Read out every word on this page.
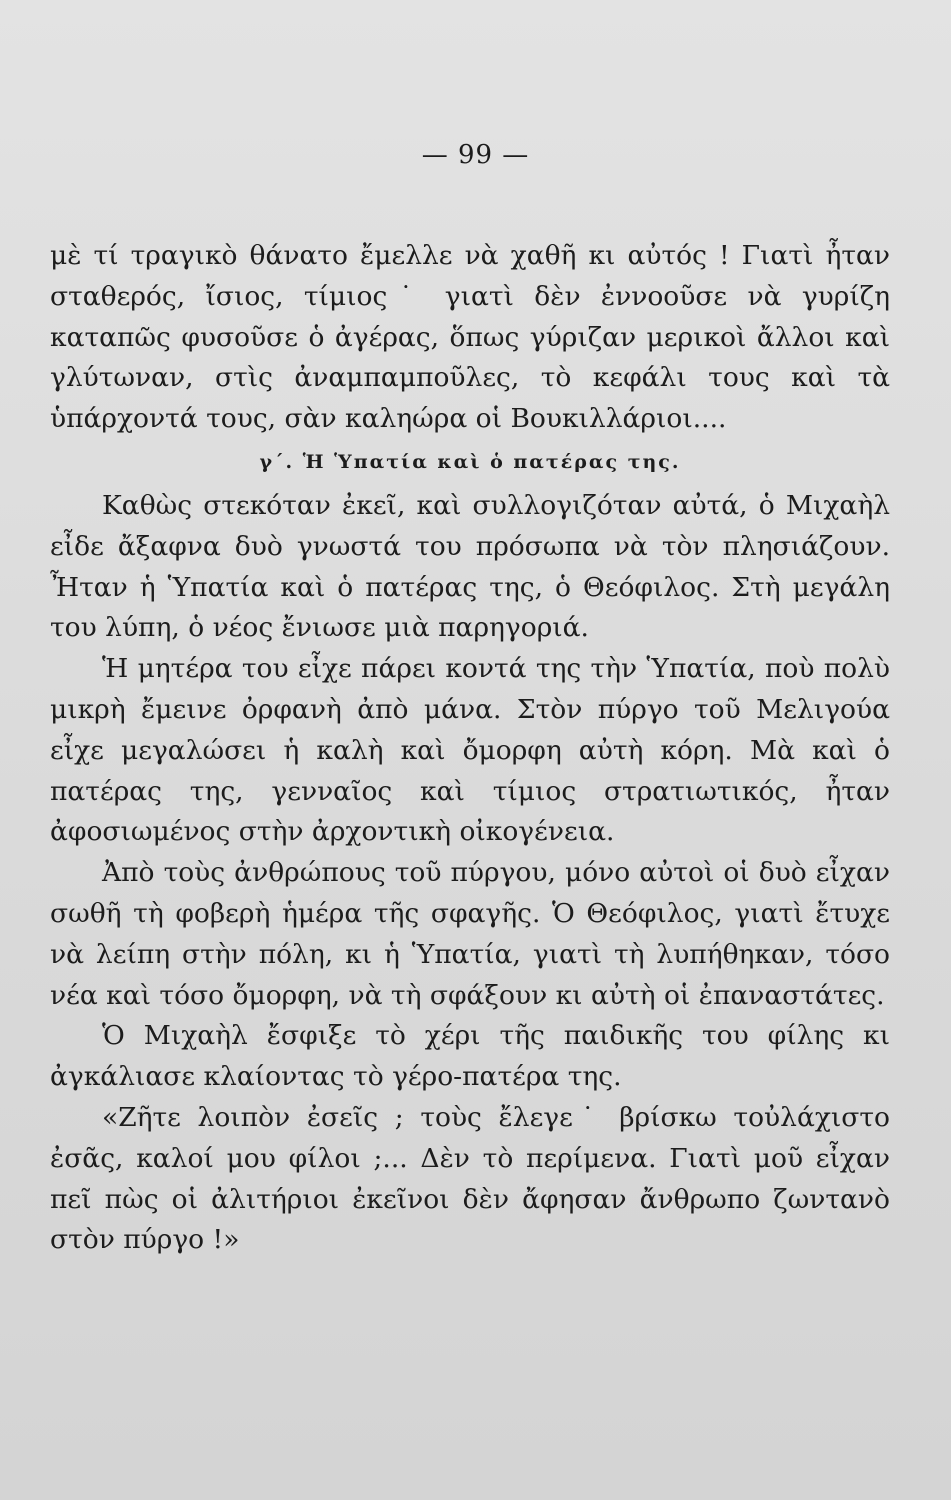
— 99 —

μὲ τί τραγικὸ θάνατο ἔμελλε νὰ χαθῆ κι αὐτός ! Γιατὶ ἦταν σταθερός, ἴσιος, τίμιος˙ γιατὶ δὲν ἐννοοῦσε νὰ γυρίζη καταπῶς φυσοῦσε ὁ ἀγέρας, ὅπως γύριζαν μερικοὶ ἄλλοι καὶ γλύτωναν, στὶς ἀναμπαμποῦλες, τὸ κεφάλι τους καὶ τὰ ὑπάρχοντά τους, σὰν καληώρα οἱ Βουκιλλάριοι....

γ΄. Ἡ Ὑπατία καὶ ὁ πατέρας της.

Καθὼς στεκόταν ἐκεῖ, καὶ συλλογιζόταν αὐτά, ὁ Μιχαὴλ εἶδε ἄξαφνα δυὸ γνωστά του πρόσωπα νὰ τὸν πλησιάζουν. Ἦταν ἡ Ὑπατία καὶ ὁ πατέρας της, ὁ Θεόφιλος. Στὴ μεγάλη του λύπη, ὁ νέος ἔνιωσε μιὰ παρηγοριά.

Ἡ μητέρα του εἶχε πάρει κοντά της τὴν Ὑπατία, ποὺ πολὺ μικρὴ ἔμεινε ὀρφανὴ ἀπὸ μάνα. Στὸν πύργο τοῦ Μελιγούα εἶχε μεγαλώσει ἡ καλὴ καὶ ὄμορφη αὐτὴ κόρη. Μὰ καὶ ὁ πατέρας της, γενναῖος καὶ τίμιος στρατιωτικός, ἦταν ἀφοσιωμένος στὴν ἀρχοντικὴ οἰκογένεια.

Ἀπὸ τοὺς ἀνθρώπους τοῦ πύργου, μόνο αὐτοὶ οἱ δυὸ εἶχαν σωθῆ τὴ φοβερὴ ἡμέρα τῆς σφαγῆς. Ὁ Θεόφιλος, γιατὶ ἔτυχε νὰ λείπη στὴν πόλη, κι ἡ Ὑπατία, γιατὶ τὴ λυπήθηκαν, τόσο νέα καὶ τόσο ὄμορφη, νὰ τὴ σφάξουν κι αὐτὴ οἱ ἐπαναστάτες.

Ὁ Μιχαὴλ ἔσφιξε τὸ χέρι τῆς παιδικῆς του φίλης κι ἀγκάλιασε κλαίοντας τὸ γέρο-πατέρα της.

«Ζῆτε λοιπὸν ἐσεῖς ; τοὺς ἔλεγε˙ βρίσκω τοὐλάχιστο ἐσᾶς, καλοί μου φίλοι ;... Δὲν τὸ περίμενα. Γιατὶ μοῦ εἶχαν πεῖ πὼς οἱ ἀλιτήριοι ἐκεῖνοι δὲν ἄφησαν ἄνθρωπο ζωντανὸ στὸν πύργο !»
